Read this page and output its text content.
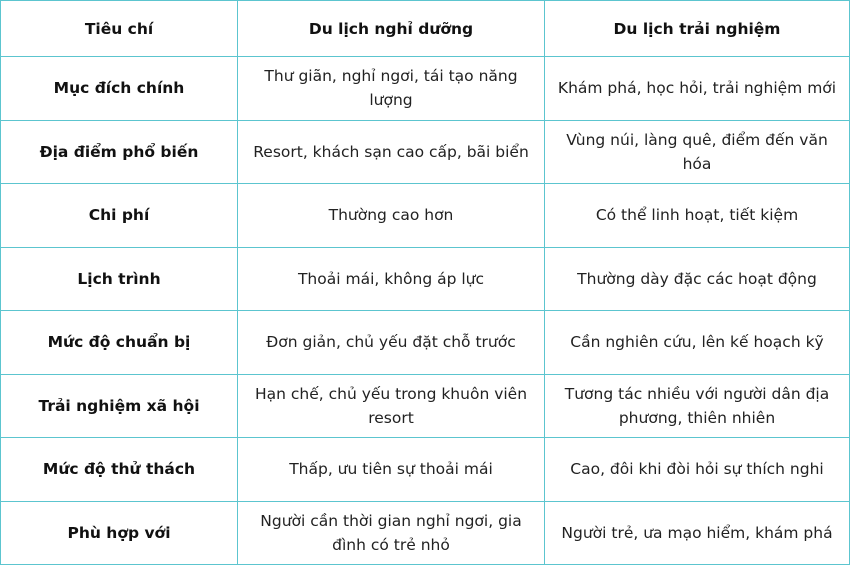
Tiêu chí	Du lịch nghỉ dưỡng	Du lịch trải nghiệm
Mục đích chính	Thư giãn, nghỉ ngơi, tái tạo năng lượng	Khám phá, học hỏi, trải nghiệm mới
Địa điểm phổ biến	Resort, khách sạn cao cấp, bãi biển	Vùng núi, làng quê, điểm đến văn hóa
Chi phí	Thường cao hơn	Có thể linh hoạt, tiết kiệm
Lịch trình	Thoải mái, không áp lực	Thường dày đặc các hoạt động
Mức độ chuẩn bị	Đơn giản, chủ yếu đặt chỗ trước	Cần nghiên cứu, lên kế hoạch kỹ
Trải nghiệm xã hội	Hạn chế, chủ yếu trong khuôn viên resort	Tương tác nhiều với người dân địa phương, thiên nhiên
Mức độ thử thách	Thấp, ưu tiên sự thoải mái	Cao, đôi khi đòi hỏi sự thích nghi
Phù hợp với	Người cần thời gian nghỉ ngơi, gia đình có trẻ nhỏ	Người trẻ, ưa mạo hiểm, khám phá
